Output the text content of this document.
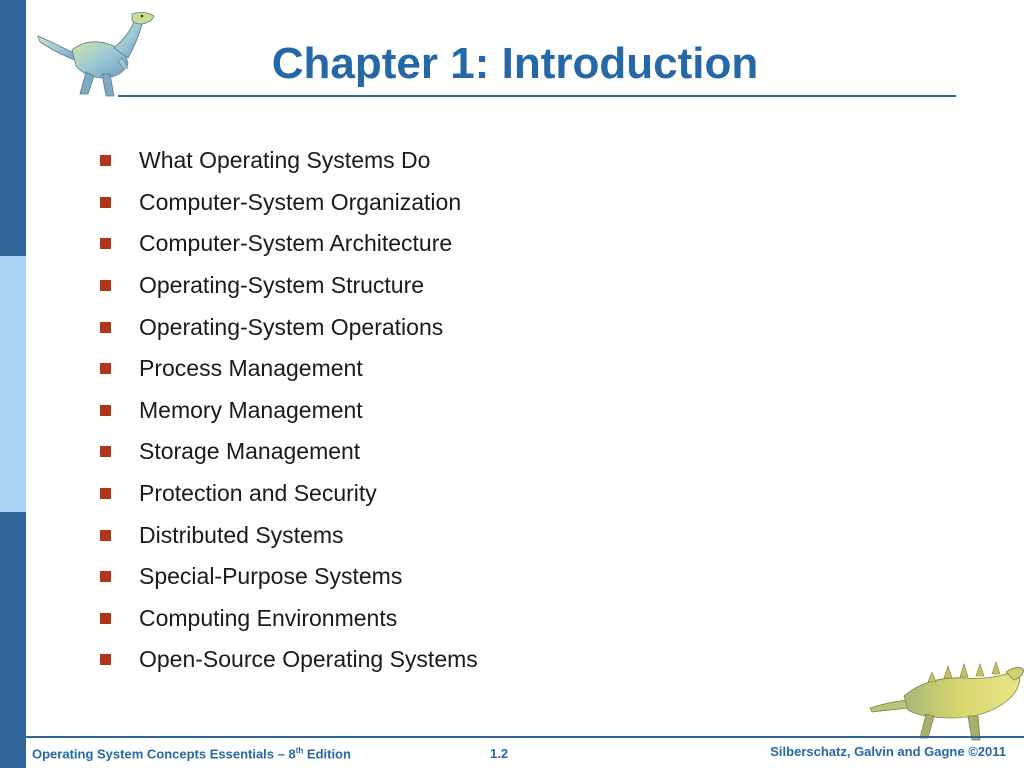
Chapter 1: Introduction
What Operating Systems Do
Computer-System Organization
Computer-System Architecture
Operating-System Structure
Operating-System Operations
Process Management
Memory Management
Storage Management
Protection and Security
Distributed Systems
Special-Purpose Systems
Computing Environments
Open-Source Operating Systems
Operating System Concepts Essentials – 8th Edition	1.2	Silberschatz, Galvin and Gagne ©2011
